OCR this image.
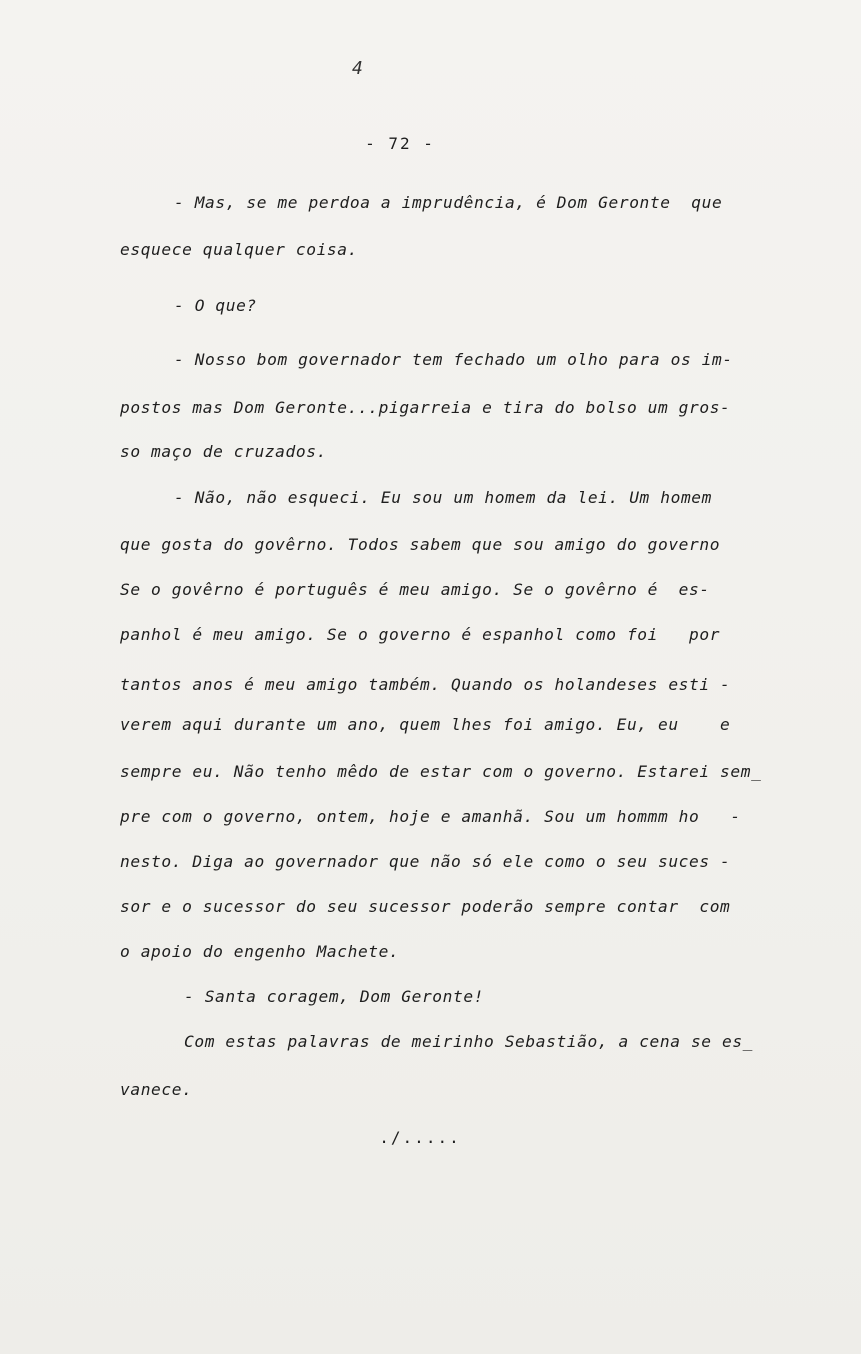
4
- 72 -
- Mas, se me perdoa a imprudência, é Dom Geronte  que
esquece qualquer coisa.
- O que?
- Nosso bom governador tem fechado um olho para os im-
postos mas Dom Geronte...pigarreia e tira do bolso um gros-
so maço de cruzados.
- Não, não esqueci. Eu sou um homem da lei. Um homem
que gosta do govêrno. Todos sabem que sou amigo do governo
Se o govêrno é português é meu amigo. Se o govêrno é  es-
panhol é meu amigo. Se o governo é espanhol como foi   por
tantos anos é meu amigo também. Quando os holandeses esti -
verem aqui durante um ano, quem lhes foi amigo. Eu, eu    e
sempre eu. Não tenho mêdo de estar com o governo. Estarei sem_
pre com o governo, ontem, hoje e amanhã. Sou um hommm ho   -
nesto. Diga ao governador que não só ele como o seu suces -
sor e o sucessor do seu sucessor poderão sempre contar  com
o apoio do engenho Machete.
- Santa coragem, Dom Geronte!
Com estas palavras de meirinho Sebastião, a cena se es_
vanece.
./.....
